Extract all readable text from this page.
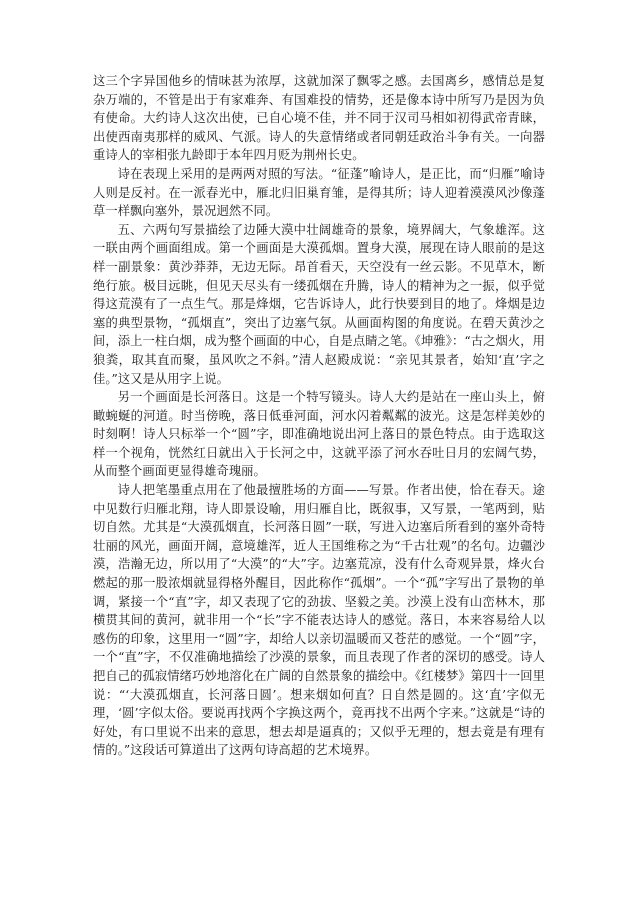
这三个字异国他乡的情味甚为浓厚，这就加深了飘零之感。去国离乡，感情总是复杂万端的，不管是出于有家难奔、有国难投的情势，还是像本诗中所写乃是因为负有使命。大约诗人这次出使，已自心境不佳，并不同于汉司马相如初得武帝青睐，出使西南夷那样的威风、气派。诗人的失意情绪或者同朝廷政治斗争有关。一向器重诗人的宰相张九龄即于本年四月贬为荆州长史。

诗在表现上采用的是两两对照的写法。“征蓬”喻诗人，是正比，而“归雁”喻诗人则是反衬。在一派春光中，雁北归旧巢育雏，是得其所；诗人迎着漠漠风沙像蓬草一样飘向塞外，景况迥然不同。

五、六两句写景描绘了边陲大漠中壮阔雄奇的景象，境界阔大，气象雄浑。这一联由两个画面组成。第一个画面是大漠孤烟。置身大漠，展现在诗人眼前的是这样一副景象：黄沙莽莽，无边无际。昂首看天，天空没有一丝云影。不见草木，断绝行旅。极目远眺，但见天尽头有一缕孤烟在升腾，诗人的精神为之一振，似乎觉得这荒漠有了一点生气。那是烽烟，它告诉诗人，此行快要到目的地了。烽烟是边塞的典型景物，“孤烟直”，突出了边塞气氛。从画面构图的角度说。在碧天黄沙之间，添上一柱白烟，成为整个画面的中心，自是点睛之笔。《坤雅》：“古之烟火，用狼粪，取其直而聚，虽风吹之不斜。”清人赵殿成说：“亲见其景者，始知‘直’字之佳。”这又是从用字上说。

另一个画面是长河落日。这是一个特写镜头。诗人大约是站在一座山头上，俯瞰蜿蜒的河道。时当傍晚，落日低垂河面，河水闪着粼粼的波光。这是怎样美妙的时刻啊！诗人只标举一个“圆”字，即准确地说出河上落日的景色特点。由于选取这样一个视角，恍然红日就出入于长河之中，这就平添了河水吞吐日月的宏阔气势，从而整个画面更显得雄奇瑰丽。

诗人把笔墨重点用在了他最擅胜场的方面——写景。作者出使，恰在春天。途中见数行归雁北翔，诗人即景设喻，用归雁自比，既叙事，又写景，一笔两到，贴切自然。尤其是“大漠孤烟直，长河落日圆”一联，写进入边塞后所看到的塞外奇特壮丽的风光，画面开阔，意境雄浑，近人王国维称之为“千古壮观”的名句。边疆沙漠，浩瀚无边，所以用了“大漠”的“大”字。边塞荒凉，没有什么奇观异景，烽火台燃起的那一股浓烟就显得格外醒目，因此称作“孤烟”。一个“孤”字写出了景物的单调，紧接一个“直”字，却又表现了它的劲拔、坚毅之美。沙漠上没有山峦林木，那横贯其间的黄河，就非用一个“长”字不能表达诗人的感觉。落日，本来容易给人以感伤的印象，这里用一“圆”字，却给人以亲切温暖而又苍茫的感觉。一个“圆”字，一个“直”字，不仅准确地描绘了沙漠的景象，而且表现了作者的深切的感受。诗人把自己的孤寂情绪巧妙地溶化在广阔的自然景象的描绘中。《红楼梦》第四十一回里说：“‘大漠孤烟直，长河落日圆’。想来烟如何直？日自然是圆的。这‘直’字似无理，‘圆’字似太俗。要说再找两个字换这两个，竟再找不出两个字来。”这就是“诗的好处，有口里说不出来的意思，想去却是逼真的；又似乎无理的，想去竟是有理有情的。”这段话可算道出了这两句诗高超的艺术境界。
